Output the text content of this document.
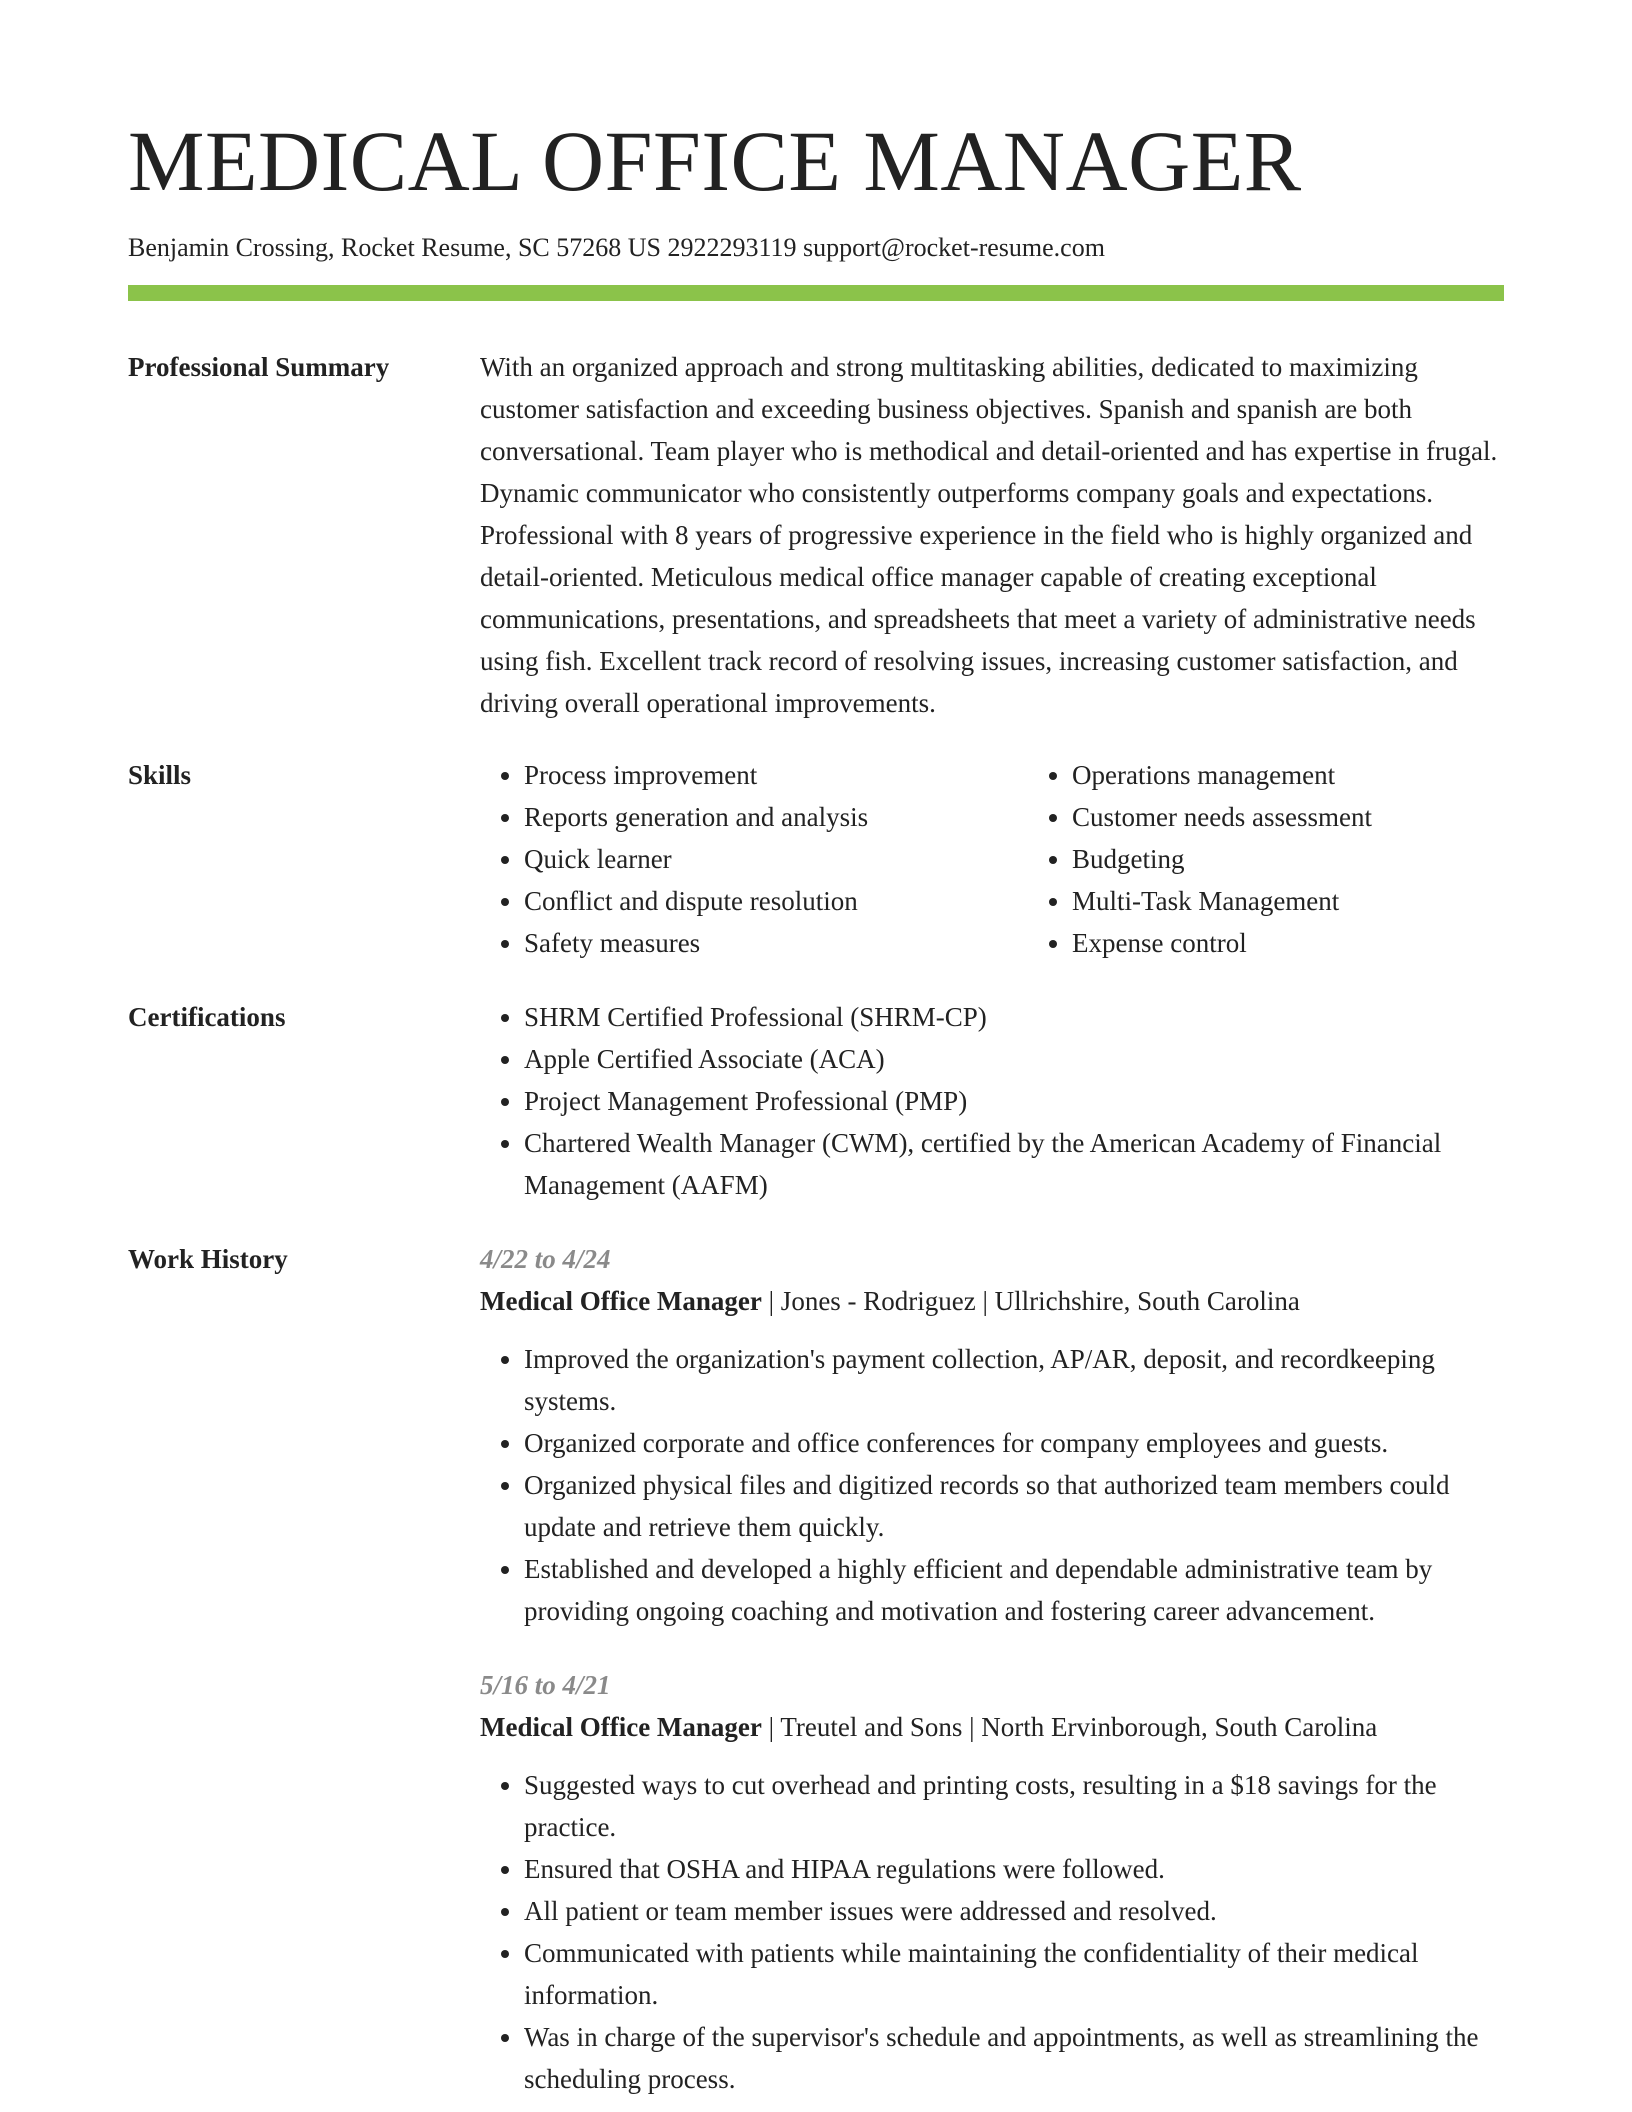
MEDICAL OFFICE MANAGER
Benjamin Crossing, Rocket Resume, SC 57268 US 2922293119 support@rocket-resume.com
Professional Summary	With an organized approach and strong multitasking abilities, dedicated to maximizing customer satisfaction and exceeding business objectives. Spanish and spanish are both conversational. Team player who is methodical and detail-oriented and has expertise in frugal. Dynamic communicator who consistently outperforms company goals and expectations. Professional with 8 years of progressive experience in the field who is highly organized and detail-oriented. Meticulous medical office manager capable of creating exceptional communications, presentations, and spreadsheets that meet a variety of administrative needs using fish. Excellent track record of resolving issues, increasing customer satisfaction, and driving overall operational improvements.

Skills	• Process improvement
• Reports generation and analysis
• Quick learner
• Conflict and dispute resolution
• Safety measures
• Operations management
• Customer needs assessment
• Budgeting
• Multi-Task Management
• Expense control
Certifications	• SHRM Certified Professional (SHRM-CP)
• Apple Certified Associate (ACA)
• Project Management Professional (PMP)
• Chartered Wealth Manager (CWM), certified by the American Academy of Financial Management (AAFM)
Work History	4/22 to 4/24
Medical Office Manager | Jones - Rodriguez | Ullrichshire, South Carolina
• Improved the organization's payment collection, AP/AR, deposit, and recordkeeping systems.
• Organized corporate and office conferences for company employees and guests.
• Organized physical files and digitized records so that authorized team members could update and retrieve them quickly.
• Established and developed a highly efficient and dependable administrative team by providing ongoing coaching and motivation and fostering career advancement.
5/16 to 4/21
Medical Office Manager | Treutel and Sons | North Ervinborough, South Carolina
• Suggested ways to cut overhead and printing costs, resulting in a $18 savings for the practice.
• Ensured that OSHA and HIPAA regulations were followed.
• All patient or team member issues were addressed and resolved.
• Communicated with patients while maintaining the confidentiality of their medical information.
• Was in charge of the supervisor's schedule and appointments, as well as streamlining the scheduling process.
